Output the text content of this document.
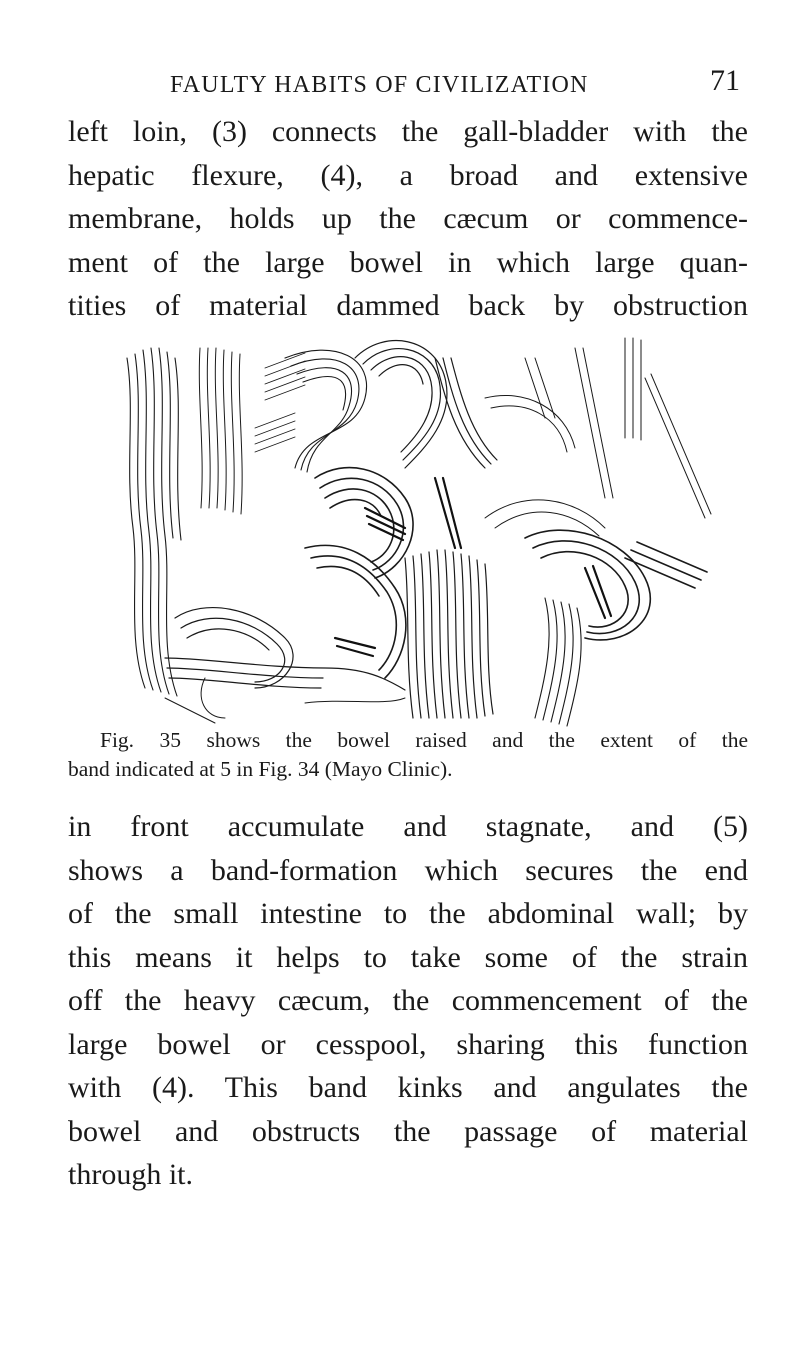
FAULTY HABITS OF CIVILIZATION	71
left loin, (3) connects the gall-bladder with the
hepatic flexure, (4), a broad and extensive
membrane, holds up the cæcum or commence-
ment of the large bowel in which large quan-
tities of material dammed back by obstruction
Fig. 35 shows the bowel raised and the extent of the
band indicated at 5 in Fig. 34 (Mayo Clinic).
in front accumulate and stagnate, and (5)
shows a band-formation which secures the end
of the small intestine to the abdominal wall; by
this means it helps to take some of the strain
off the heavy cæcum, the commencement of the
large bowel or cesspool, sharing this function
with (4). This band kinks and angulates the
bowel and obstructs the passage of material
through it.
